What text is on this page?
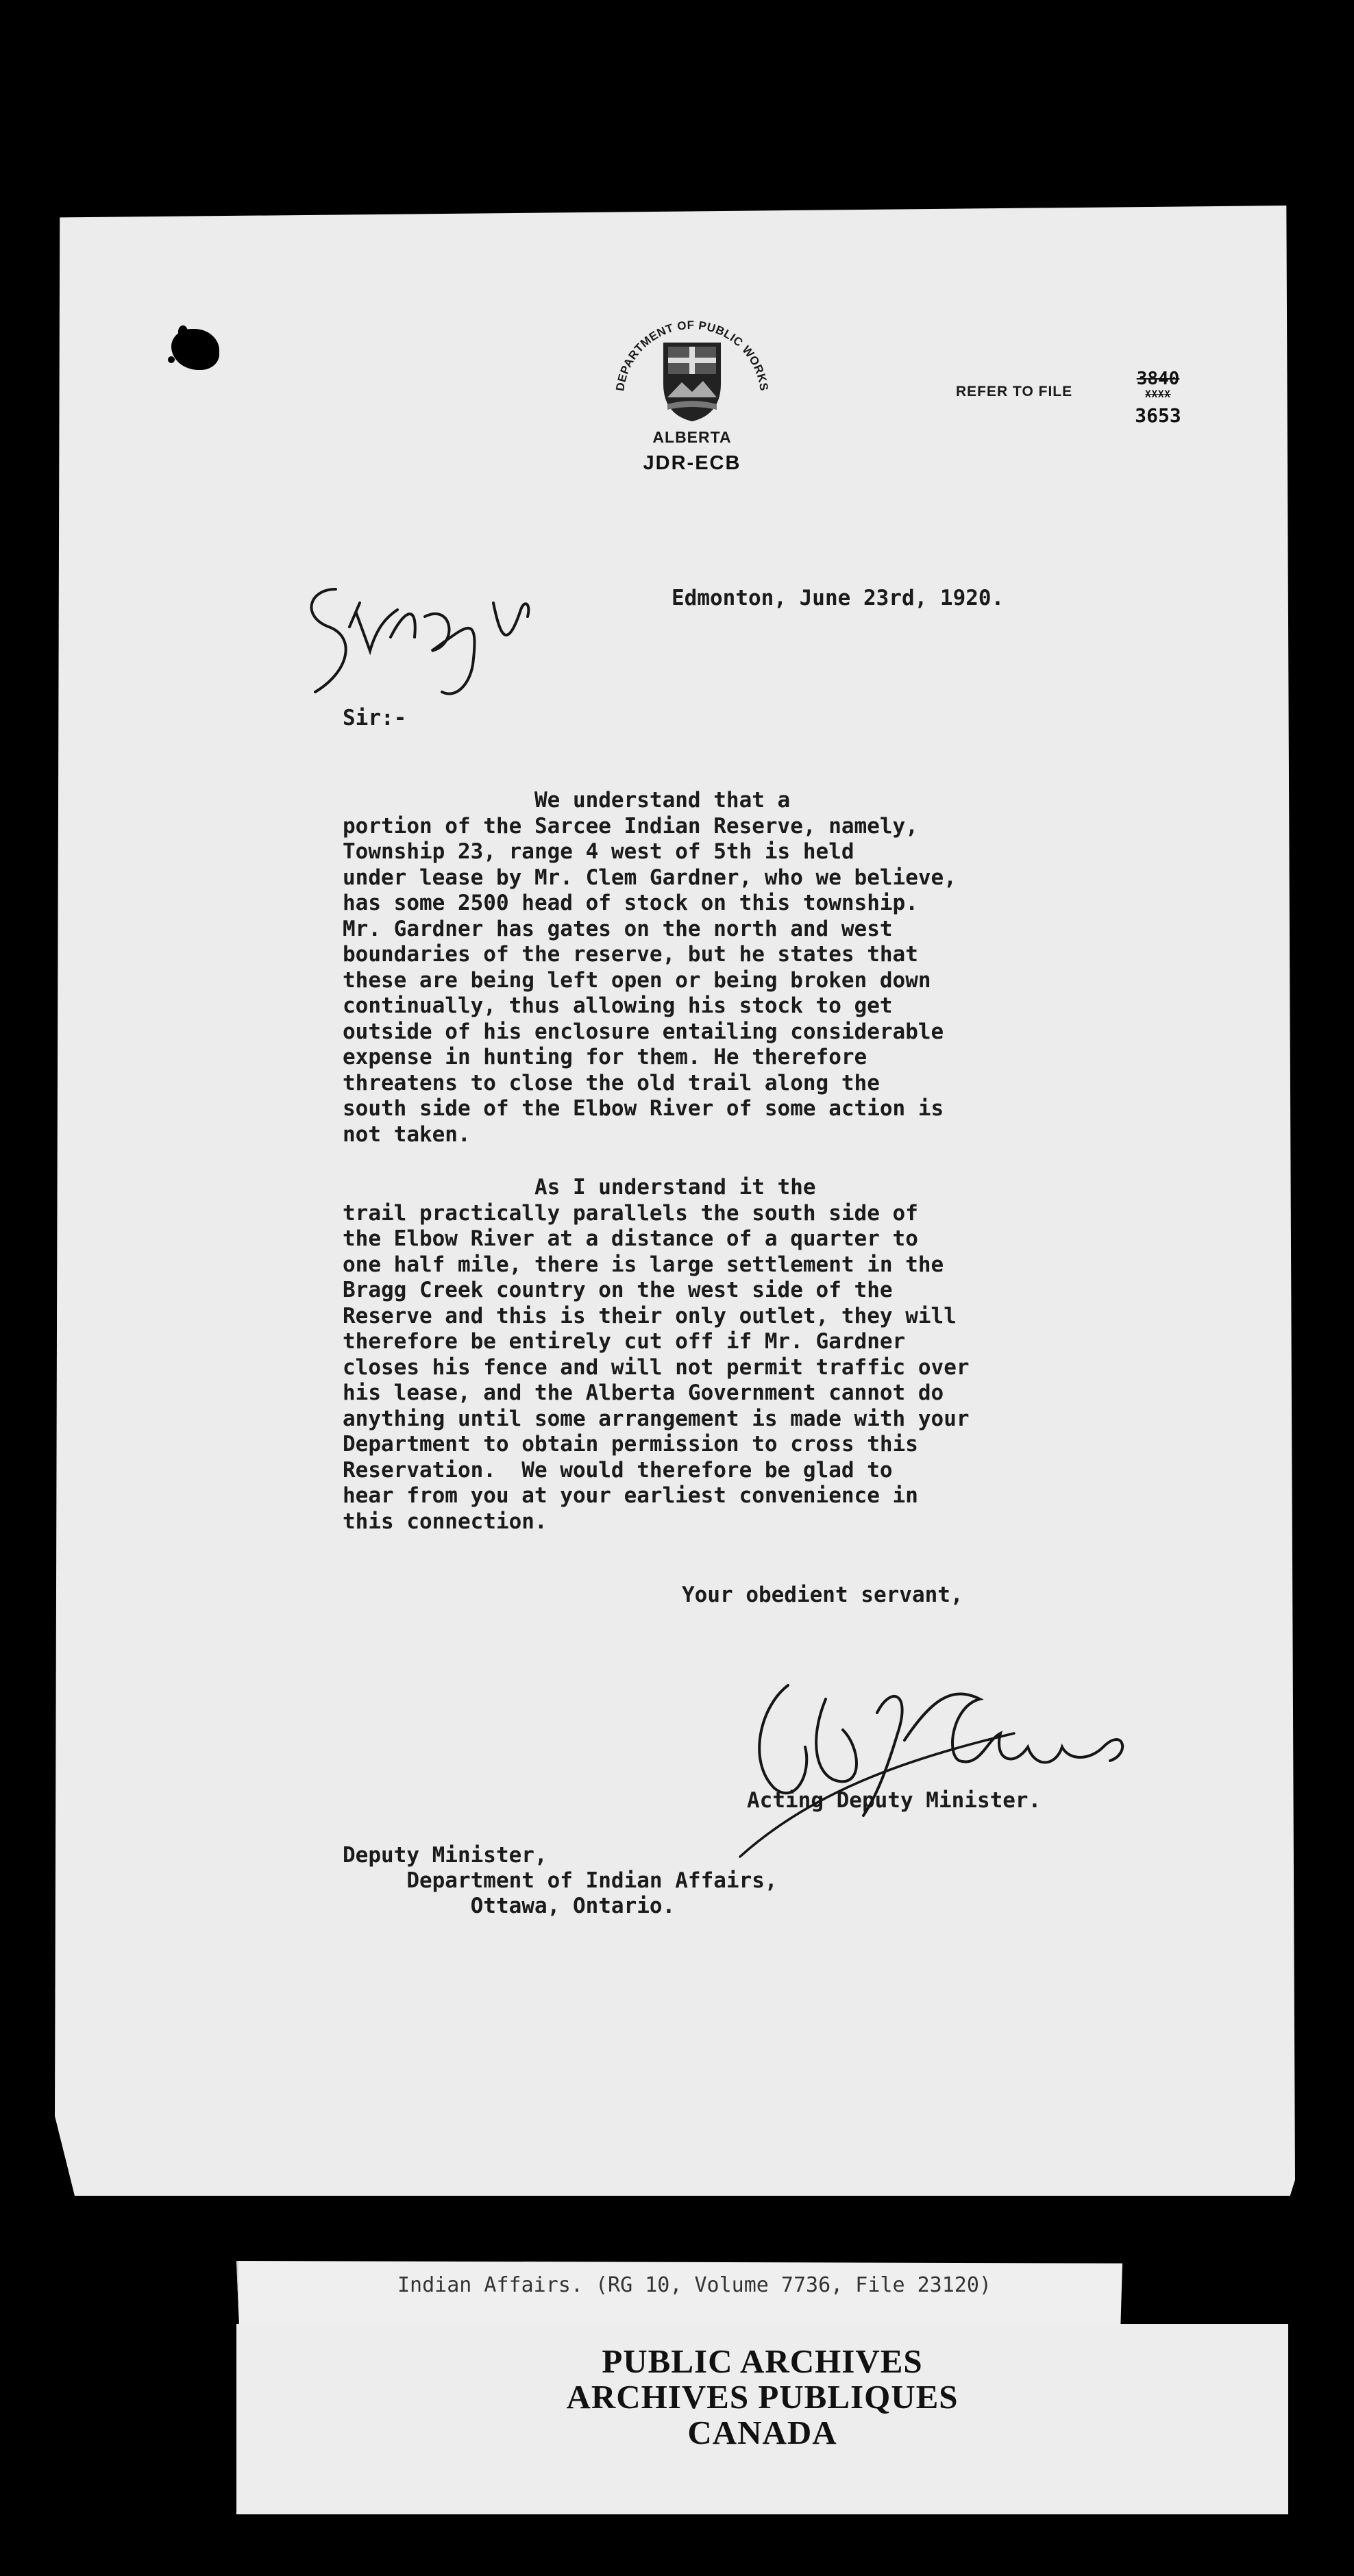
DEPARTMENT OF PUBLIC WORKS
ALBERTA
JDR-ECB
REFER TO FILE
3840
XXXX
3653
Edmonton, June 23rd, 1920.
Sir:-
We understand that a
portion of the Sarcee Indian Reserve, namely,
Township 23, range 4 west of 5th is held
under lease by Mr. Clem Gardner, who we believe,
has some 2500 head of stock on this township.
Mr. Gardner has gates on the north and west
boundaries of the reserve, but he states that
these are being left open or being broken down
continually, thus allowing his stock to get
outside of his enclosure entailing considerable
expense in hunting for them. He therefore
threatens to close the old trail along the
south side of the Elbow River of some action is
not taken.
As I understand it the
trail practically parallels the south side of
the Elbow River at a distance of a quarter to
one half mile, there is large settlement in the
Bragg Creek country on the west side of the
Reserve and this is their only outlet, they will
therefore be entirely cut off if Mr. Gardner
closes his fence and will not permit traffic over
his lease, and the Alberta Government cannot do
anything until some arrangement is made with your
Department to obtain permission to cross this
Reservation.  We would therefore be glad to
hear from you at your earliest convenience in
this connection.
Your obedient servant,
Acting Deputy Minister.
Deputy Minister,
Department of Indian Affairs,
Ottawa, Ontario.
Indian Affairs. (RG 10, Volume 7736, File 23120)
PUBLIC ARCHIVES
ARCHIVES PUBLIQUES
CANADA
